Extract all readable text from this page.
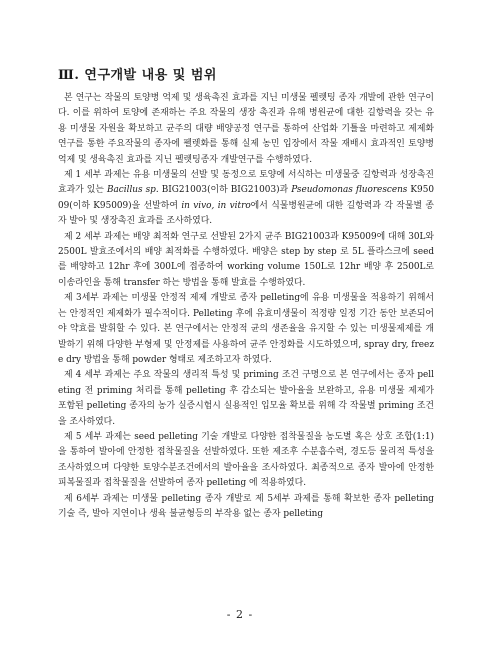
Ⅲ. 연구개발 내용 및 범위

본 연구는 작물의 토양병 억제 및 생육촉진 효과를 지닌 미생물 펠렛팅 종자 개발에 관한 연구이다. 이를 위하여 토양에 존재하는 주요 작물의 생장 촉진과 유해 병원균에 대한 길항력을 갖는 유용 미생물 자원을 확보하고 균주의 대량 배양공정 연구를 통하여 산업화 기틀을 마련하고 제제화 연구를 통한 주요작물의 종자에 펠렛화를 통해 실제 농민 입장에서 작물 재배시 효과적인 토양병억제 및 생육촉진 효과를 지닌 펠렛팅종자 개발연구를 수행하였다.

제 1 세부 과제는 유용 미생물의 선발 및 동정으로 토양에 서식하는 미생물중 길항력과 성장촉진 효과가 있는 Bacillus sp. BIG21003(이하 BIG21003)과 Pseudomonas fluorescens K95009(이하 K95009)을 선발하여 in vivo, in vitro에서 식물병원균에 대한 길항력과 각 작물별 종자 발아 및 생장촉진 효과를 조사하였다.

제 2 세부 과제는 배양 최적화 연구로 선발된 2가지 균주 BIG21003과 K95009에 대해 30L와 2500L 발효조에서의 배양 최적화를 수행하였다. 배양은 step by step 로 5L 플라스크에 seed를 배양하고 12hr 후에 300L에 접종하여 working volume 150L로 12hr 배양 후 2500L로 이송라인을 통해 transfer 하는 방법을 통해 발효를 수행하였다.

제 3세부 과제는 미생물 안정적 제제 개발로 종자 pelleting에 유용 미생물을 적용하기 위해서는 안정적인 제제화가 필수적이다. Pelleting 후에 유효미생물이 적정량 일정 기간 동안 보존되어야 약효를 발휘할 수 있다. 본 연구에서는 안정적 균의 생존율을 유지할 수 있는 미생물제제를 개발하기 위해 다양한 부형제 및 안정제를 사용하여 균주 안정화를 시도하였으며, spray dry, freeze dry 방법을 통해 powder 형태로 제조하고자 하였다.

제 4 세부 과제는 주요 작물의 생리적 특성 및 priming 조건 구명으로 본 연구에서는 종자 pelleting 전 priming 처리를 통해 pelleting 후 감소되는 발아율을 보완하고, 유용 미생물 제제가 포함된 pelleting 종자의 농가 실증시험시 실용적인 입모율 확보를 위해 각 작물별 priming 조건을 조사하였다.

제 5 세부 과제는 seed pelleting 기술 개발로 다양한 접착물질을 농도별 혹은 상호 조합(1:1)을 통하여 발아에 안정한 접착물질을 선발하였다. 또한 제조후 수분흡수력, 경도등 물리적 특성을 조사하였으며 다양한 토양수분조건에서의 발아율을 조사하였다. 최종적으로 종자 발아에 안정한 피복물질과 접착물질을 선발하여 종자 pelleting 에 적용하였다.

제 6세부 과제는 미생물 pelleting 종자 개발로 제 5세부 과제를 통해 확보한 종자 pelleting 기술 즉, 발아 지연이나 생육 불균형등의 부작용 없는 종자 pelleting

- 2 -
